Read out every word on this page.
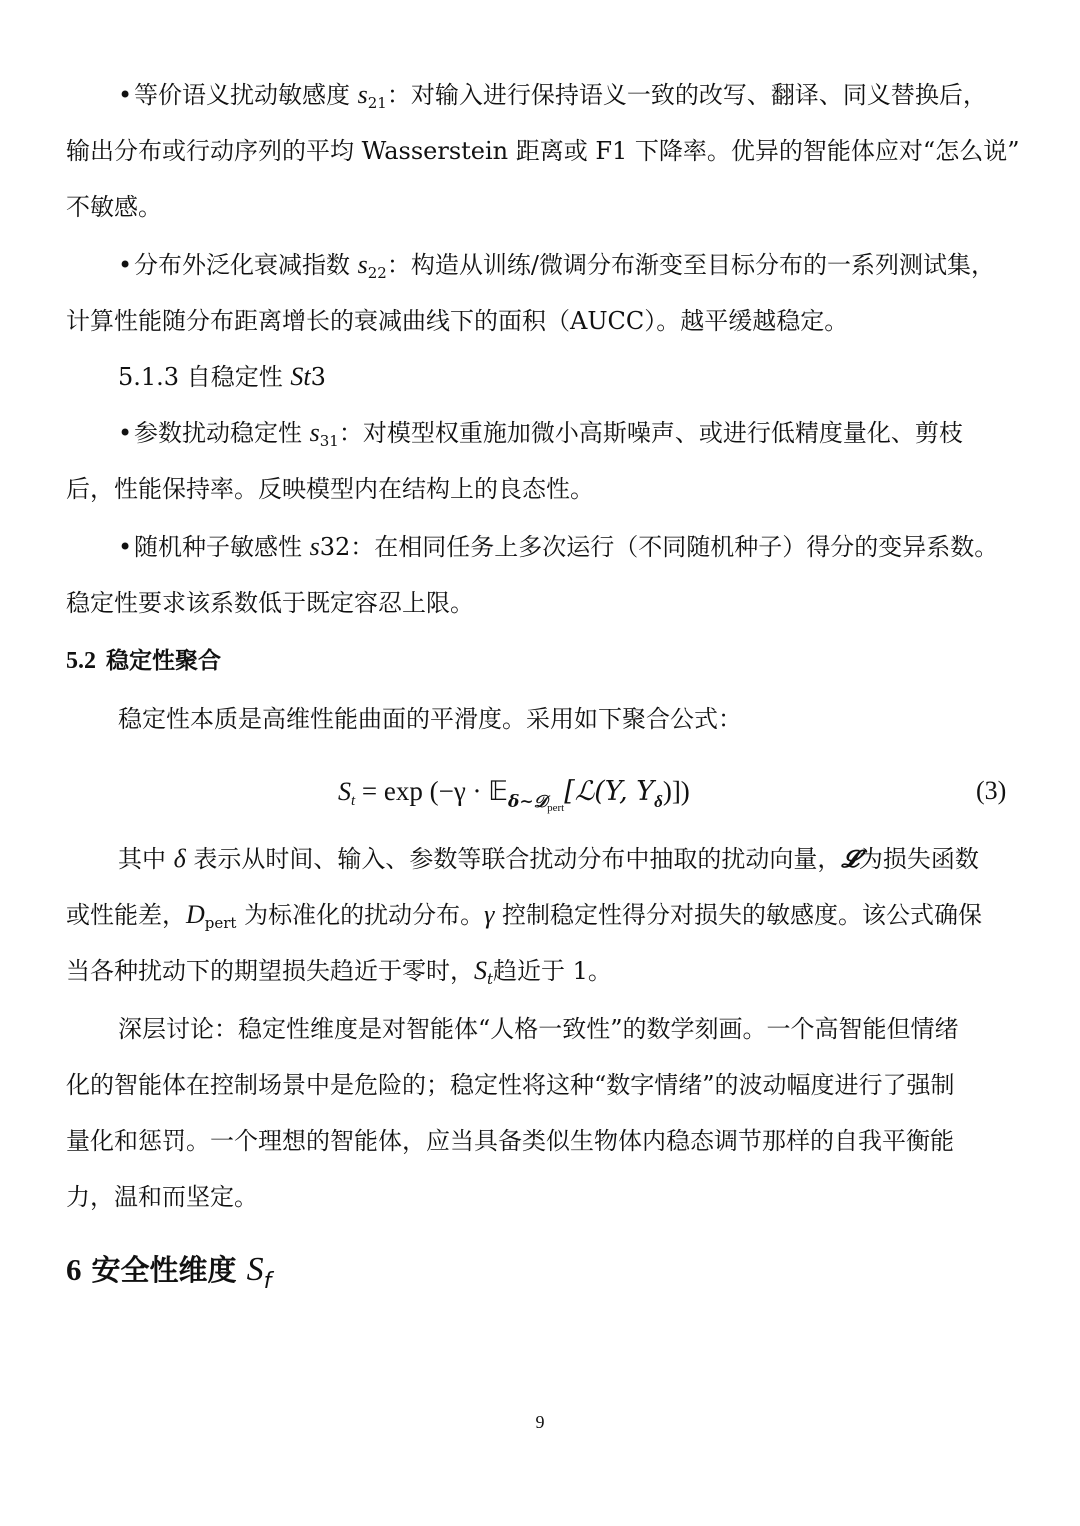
•等价语义扰动敏感度 $s_{21}$：对输入进行保持语义一致的改写、翻译、同义替换后，
输出分布或行动序列的平均 Wasserstein 距离或 F1 下降率。优异的智能体应对“怎么说”
不敏感。
•分布外泛化衰减指数 $s_{22}$：构造从训练/微调分布渐变至目标分布的一系列测试集，
计算性能随分布距离增长的衰减曲线下的面积（AUCC）。越平缓越稳定。
5.1.3 自稳定性 St3
•参数扰动稳定性 $s_{31}$：对模型权重施加微小高斯噪声、或进行低精度量化、剪枝
后，性能保持率。反映模型内在结构上的良态性。
•随机种子敏感性 s32：在相同任务上多次运行（不同随机种子）得分的变异系数。
稳定性要求该系数低于既定容忍上限。
5.2 稳定性聚合
稳定性本质是高维性能曲面的平滑度。采用如下聚合公式：
St = exp (−γ · 𝔼$_{\delta\sim 𝒟_{pert}}$[ℒ(Y, $Y_\delta$)])	(3)
其中 δ 表示从时间、输入、参数等联合扰动分布中抽取的扰动向量，𝓛为损失函数
或性能差，$D_{pert}$ 为标准化的扰动分布。γ 控制稳定性得分对损失的敏感度。该公式确保
当各种扰动下的期望损失趋近于零时，$S_t$趋近于 1。
深层讨论：稳定性维度是对智能体“人格一致性”的数学刻画。一个高智能但情绪
化的智能体在控制场景中是危险的；稳定性将这种“数字情绪”的波动幅度进行了强制
量化和惩罚。一个理想的智能体，应当具备类似生物体内稳态调节那样的自我平衡能
力，温和而坚定。
6 安全性维度 $S_f$
9
